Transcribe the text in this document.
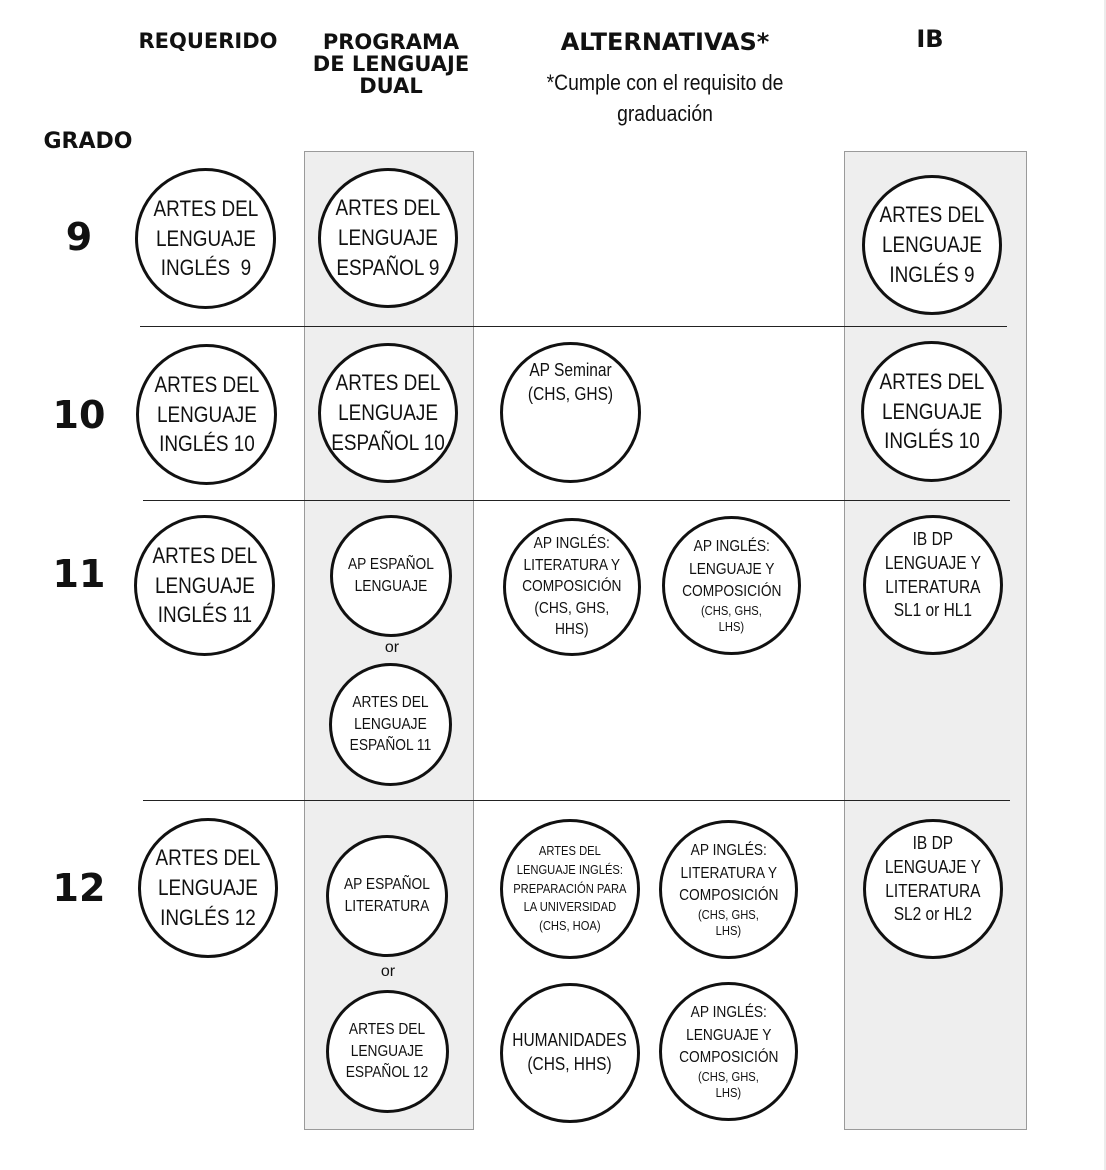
REQUERIDO	PROGRAMA
DE LENGUAJE
DUAL
ALTERNATIVAS*
*Cumple con el requisito de
graduación
IB
GRADO
9
10
11
12
ARTES DEL
LENGUAJE
INGLÉS  9
ARTES DEL
LENGUAJE
ESPAÑOL 9
ARTES DEL
LENGUAJE
INGLÉS 9
ARTES DEL
LENGUAJE
INGLÉS 10
ARTES DEL
LENGUAJE
ESPAÑOL 10
AP Seminar
(CHS, GHS)	ARTES DEL
LENGUAJE
INGLÉS 10
ARTES DEL
LENGUAJE
INGLÉS 11
AP ESPAÑOL
LENGUAJE
or
ARTES DEL
LENGUAJE
ESPAÑOL 11
AP INGLÉS:
LITERATURA Y
COMPOSICIÓN
(CHS, GHS,
HHS)
AP INGLÉS:
LENGUAJE Y
COMPOSICIÓN
(CHS, GHS,
LHS)
IB DP
LENGUAJE Y
LITERATURA
SL1 or HL1
ARTES DEL
LENGUAJE
INGLÉS 12
AP ESPAÑOL
LITERATURA
or
ARTES DEL
LENGUAJE
ESPAÑOL 12
ARTES DEL
LENGUAJE INGLÉS:
PREPARACIÓN PARA
LA UNIVERSIDAD
(CHS, HOA)
AP INGLÉS:
LITERATURA Y
COMPOSICIÓN
(CHS, GHS,
LHS)
HUMANIDADES
(CHS, HHS)
AP INGLÉS:
LENGUAJE Y
COMPOSICIÓN
(CHS, GHS,
LHS)
IB DP
LENGUAJE Y
LITERATURA
SL2 or HL2
